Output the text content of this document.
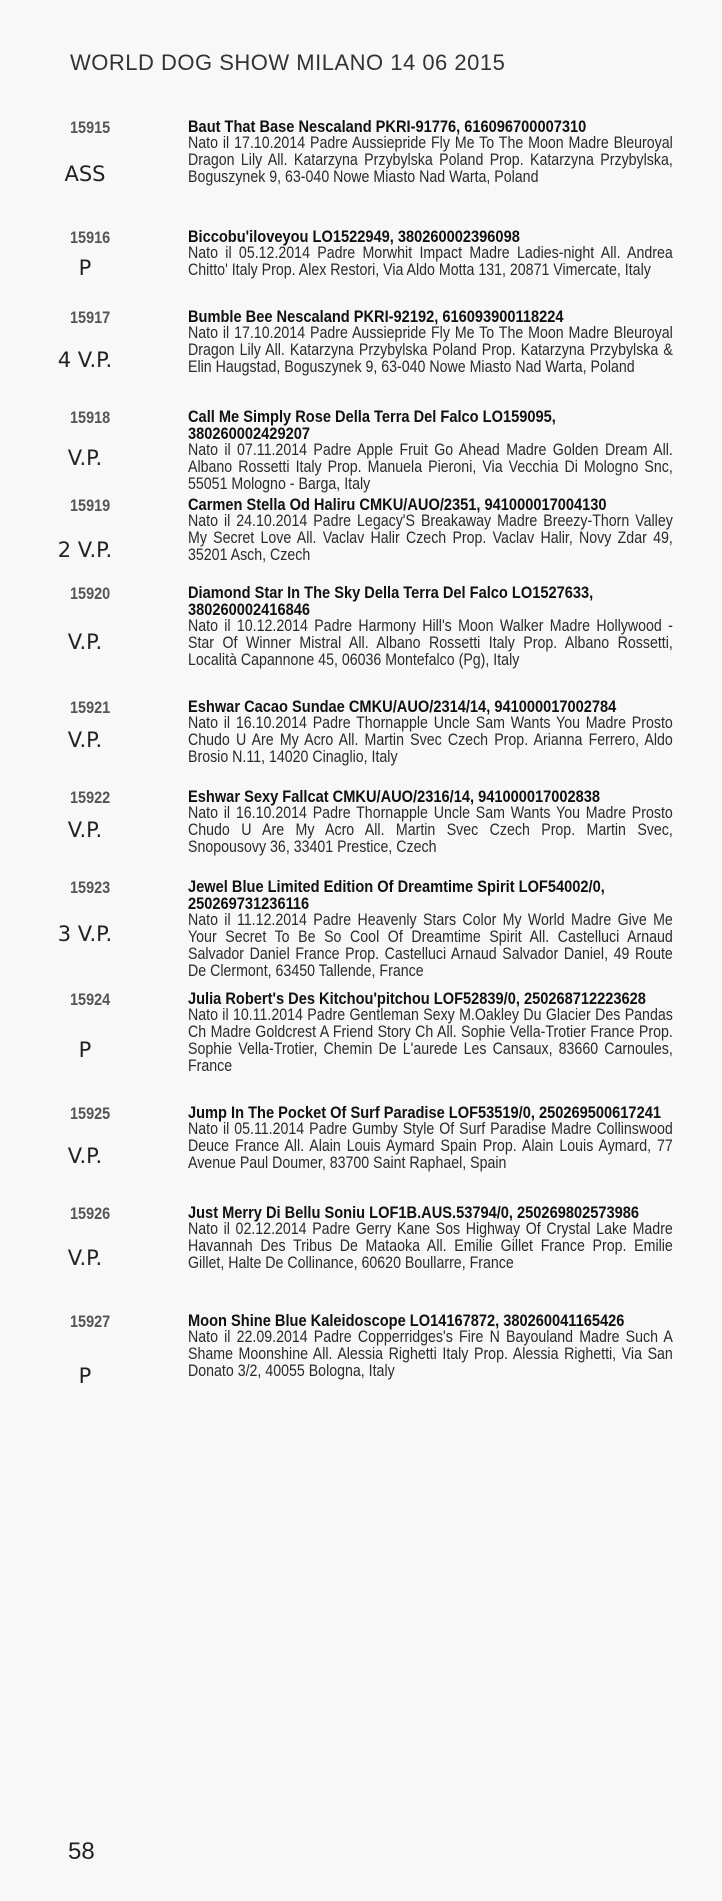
WORLD DOG SHOW MILANO 14 06 2015
15915
ASS
Baut That Base Nescaland PKRI-91776, 616096700007310
Nato il 17.10.2014 Padre Aussiepride Fly Me To The Moon Madre Bleuroyal Dragon Lily All. Katarzyna Przybylska Poland Prop. Katarzyna Przybylska, Boguszynek 9, 63-040 Nowe Miasto Nad Warta, Poland
15916
P
Biccobu'iloveyou LO1522949, 380260002396098
Nato il 05.12.2014 Padre Morwhit Impact Madre Ladies-night All. Andrea Chitto' Italy Prop. Alex Restori, Via Aldo Motta 131, 20871 Vimercate, Italy
15917
4 V.P.
Bumble Bee Nescaland PKRI-92192, 616093900118224
Nato il 17.10.2014 Padre Aussiepride Fly Me To The Moon Madre Bleuroyal Dragon Lily All. Katarzyna Przybylska Poland Prop. Katarzyna Przybylska & Elin Haugstad, Boguszynek 9, 63-040 Nowe Miasto Nad Warta, Poland
15918
V.P.
Call Me Simply Rose Della Terra Del Falco LO159095, 380260002429207
Nato il 07.11.2014 Padre Apple Fruit Go Ahead Madre Golden Dream All. Albano Rossetti Italy Prop. Manuela Pieroni, Via Vecchia Di Mologno Snc, 55051 Mologno - Barga, Italy
15919
2 V.P.
Carmen Stella Od Haliru CMKU/AUO/2351, 941000017004130
Nato il 24.10.2014 Padre Legacy'S Breakaway Madre Breezy-Thorn Valley My Secret Love All. Vaclav Halir Czech Prop. Vaclav Halir, Novy Zdar 49, 35201 Asch, Czech
15920
V.P.
Diamond Star In The Sky Della Terra Del Falco LO1527633, 380260002416846
Nato il 10.12.2014 Padre Harmony Hill's Moon Walker Madre Hollywood - Star Of Winner Mistral All. Albano Rossetti Italy Prop. Albano Rossetti, Località Capannone 45, 06036 Montefalco (Pg), Italy
15921
V.P.
Eshwar Cacao Sundae CMKU/AUO/2314/14, 941000017002784
Nato il 16.10.2014 Padre Thornapple Uncle Sam Wants You Madre Prosto Chudo U Are My Acro All. Martin Svec Czech Prop. Arianna Ferrero, Aldo Brosio N.11, 14020 Cinaglio, Italy
15922
V.P.
Eshwar Sexy Fallcat CMKU/AUO/2316/14, 941000017002838
Nato il 16.10.2014 Padre Thornapple Uncle Sam Wants You Madre Prosto Chudo U Are My Acro All. Martin Svec Czech Prop. Martin Svec, Snopousovy 36, 33401 Prestice, Czech
15923
3 V.P.
Jewel Blue Limited Edition Of Dreamtime Spirit LOF54002/0, 250269731236116
Nato il 11.12.2014 Padre Heavenly Stars Color My World Madre Give Me Your Secret To Be So Cool Of Dreamtime Spirit All. Castelluci Arnaud Salvador Daniel France Prop. Castelluci Arnaud Salvador Daniel, 49 Route De Clermont, 63450 Tallende, France
15924
P
Julia Robert's Des Kitchou'pitchou LOF52839/0, 250268712223628
Nato il 10.11.2014 Padre Gentleman Sexy M.Oakley Du Glacier Des Pandas Ch Madre Goldcrest A Friend Story Ch All. Sophie Vella-Trotier France Prop. Sophie Vella-Trotier, Chemin De L'aurede Les Cansaux, 83660 Carnoules, France
15925
V.P.
Jump In The Pocket Of Surf Paradise LOF53519/0, 250269500617241
Nato il 05.11.2014 Padre Gumby Style Of Surf Paradise Madre Collinswood Deuce France All. Alain Louis Aymard Spain Prop. Alain Louis Aymard, 77 Avenue Paul Doumer, 83700 Saint Raphael, Spain
15926
V.P.
Just Merry Di Bellu Soniu LOF1B.AUS.53794/0, 250269802573986
Nato il 02.12.2014 Padre Gerry Kane Sos Highway Of Crystal Lake Madre Havannah Des Tribus De Mataoka All. Emilie Gillet France Prop. Emilie Gillet, Halte De Collinance, 60620 Boullarre, France
15927
P
Moon Shine Blue Kaleidoscope LO14167872, 380260041165426
Nato il 22.09.2014 Padre Copperridges's Fire N Bayouland Madre Such A Shame Moonshine All. Alessia Righetti Italy Prop. Alessia Righetti, Via San Donato 3/2, 40055 Bologna, Italy
58
